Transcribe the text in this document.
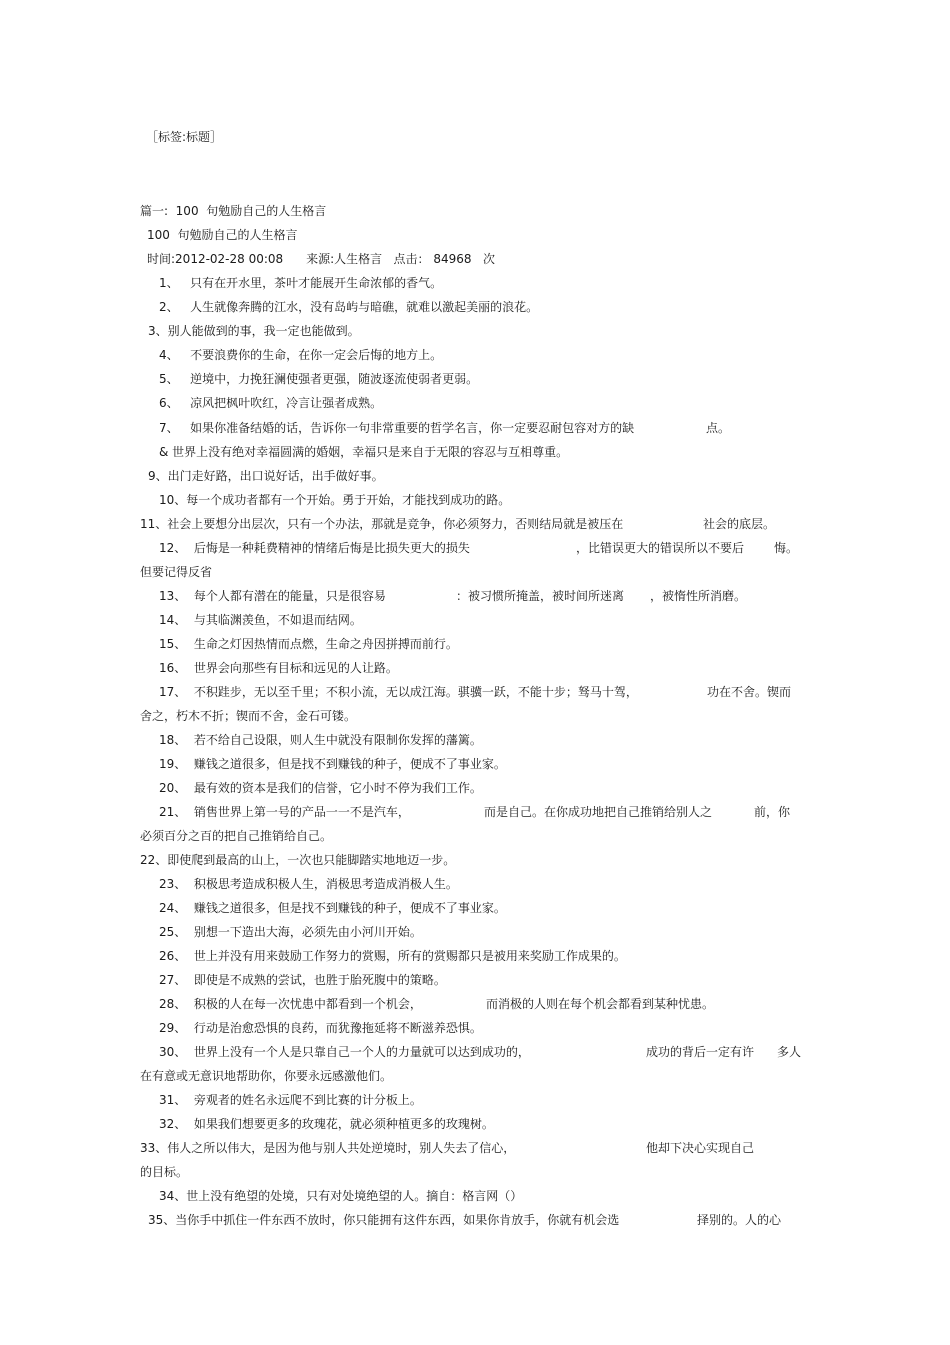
［标签:标题］
篇一:  100  句勉励自己的人生格言
100  句勉励自己的人生格言
时间:2012-02-28 00:08      来源:人生格言   点击： 84968   次
1、   只有在开水里，茶叶才能展开生命浓郁的香气。
2、   人生就像奔腾的江水，没有岛屿与暗礁，就难以激起美丽的浪花。
3、别人能做到的事，我一定也能做到。
4、   不要浪费你的生命，在你一定会后悔的地方上。
5、   逆境中，力挽狂澜使强者更强，随波逐流使弱者更弱。
6、   凉风把枫叶吹红，冷言让强者成熟。
7、   如果你准备结婚的话，告诉你一句非常重要的哲学名言，你一定要忍耐包容对方的缺	点。
& 世界上没有绝对幸福圆满的婚姻，幸福只是来自于无限的容忍与互相尊重。
9、出门走好路，出口说好话，出手做好事。
10、每一个成功者都有一个开始。勇于开始，才能找到成功的路。
11、社会上要想分出层次，只有一个办法，那就是竞争，你必须努力，否则结局就是被压在	社会的底层。
12、  后悔是一种耗费精神的情绪后悔是比损失更大的损失	，比错误更大的错误所以不要后 悔。
但要记得反省
13、  每个人都有潜在的能量，只是很容易	：被习惯所掩盖，被时间所迷离 ，被惰性所消磨。
14、  与其临渊羡鱼，不如退而结网。
15、  生命之灯因热情而点燃，生命之舟因拼搏而前行。
16、  世界会向那些有目标和远见的人让路。
17、  不积跬步，无以至千里；不积小流，无以成江海。骐骥一跃，不能十步；驽马十驾，	功在不舍。锲而
舍之，朽木不折；锲而不舍，金石可镂。
18、  若不给自己设限，则人生中就没有限制你发挥的藩篱。
19、  赚钱之道很多，但是找不到赚钱的种子，便成不了事业家。
20、  最有效的资本是我们的信誉，它小时不停为我们工作。
21、  销售世界上第一号的产品一一不是汽车，	而是自己。在你成功地把自己推销给别人之	前，你
必须百分之百的把自己推销给自己。
22、即使爬到最高的山上，一次也只能脚踏实地地迈一步。
23、  积极思考造成积极人生，消极思考造成消极人生。
24、  赚钱之道很多，但是找不到赚钱的种子，便成不了事业家。
25、  别想一下造出大海，必须先由小河川开始。
26、  世上并没有用来鼓励工作努力的赏赐，所有的赏赐都只是被用来奖励工作成果的。
27、  即使是不成熟的尝试，也胜于胎死腹中的策略。
28、  积极的人在每一次忧患中都看到一个机会，	而消极的人则在每个机会都看到某种忧患。
29、  行动是治愈恐惧的良药，而犹豫拖延将不断滋养恐惧。
30、  世界上没有一个人是只靠自己一个人的力量就可以达到成功的，	成功的背后一定有许 多人
在有意或无意识地帮助你，你要永远感激他们。
31、  旁观者的姓名永远爬不到比赛的计分板上。
32、  如果我们想要更多的玫瑰花，就必须种植更多的玫瑰树。
33、伟人之所以伟大，是因为他与别人共处逆境时，别人失去了信心，	他却下决心实现自己
的目标。
34、世上没有绝望的处境，只有对处境绝望的人。摘自：格言网（）
35、当你手中抓住一件东西不放时，你只能拥有这件东西，如果你肯放手，你就有机会选	择别的。人的心
